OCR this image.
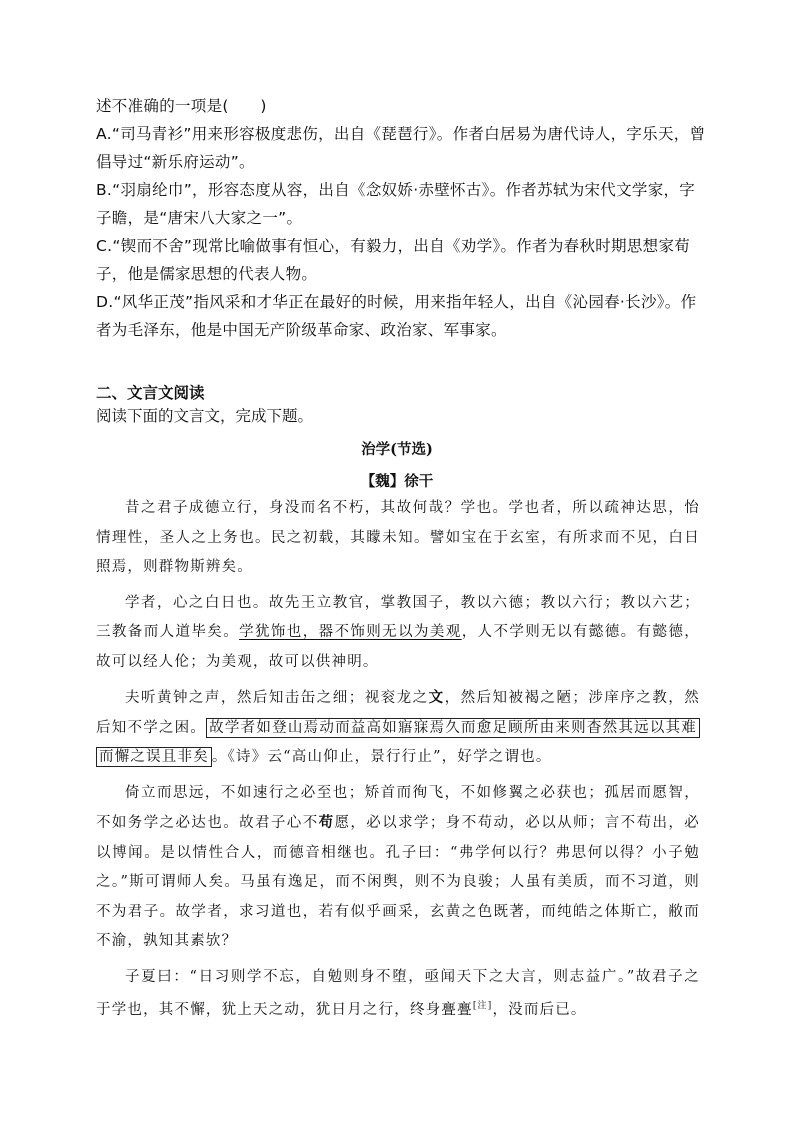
述不准确的一项是(　　)
A.“司马青衫”用来形容极度悲伤，出自《琵琶行》。作者白居易为唐代诗人，字乐天，曾倡导过“新乐府运动”。
B.“羽扇纶巾”，形容态度从容，出自《念奴娇·赤壁怀古》。作者苏轼为宋代文学家，字子瞻，是“唐宋八大家之一”。
C.“锲而不舍”现常比喻做事有恒心，有毅力，出自《劝学》。作者为春秋时期思想家荀子，他是儒家思想的代表人物。
D.“风华正茂”指风采和才华正在最好的时候，用来指年轻人，出自《沁园春·长沙》。作者为毛泽东，他是中国无产阶级革命家、政治家、军事家。
二、文言文阅读
阅读下面的文言文，完成下题。
治学(节选)
【魏】徐干

昔之君子成德立行，身没而名不朽，其故何哉？学也。学也者，所以疏神达思，怡情理性，圣人之上务也。民之初载，其矇未知。譬如宝在于玄室，有所求而不见，白日照焉，则群物斯辨矣。

学者，心之白日也。故先王立教官，掌教国子，教以六德；教以六行；教以六艺；三教备而人道毕矣。学犹饰也，器不饰则无以为美观，人不学则无以有懿德。有懿德，故可以经人伦；为美观，故可以供神明。

夫听黄钟之声，然后知击缶之细；视衮龙之文，然后知被褐之陋；涉庠序之教，然后知不学之困。 故学者如登山焉动而益高如寤寐焉久而愈足顾所由来则杳然其远以其难而懈之误且非矣 。《诗》云“高山仰止，景行行止”，好学之谓也。

倚立而思远，不如速行之必至也；矫首而徇飞，不如修翼之必获也；孤居而愿智，不如务学之必达也。故君子心不苟愿，必以求学；身不苟动，必以从师；言不苟出，必以博闻。是以情性合人，而德音相继也。孔子曰：“弗学何以行？弗思何以得？小子勉之。”斯可谓师人矣。马虽有逸足，而不闲舆，则不为良骏；人虽有美质，而不习道，则不为君子。故学者，求习道也，若有似乎画采，玄黄之色既著，而纯皓之体斯亡，敝而不渝，孰知其素欤？

子夏曰：“日习则学不忘，自勉则身不堕，亟闻天下之大言，则志益广。”故君子之于学也，其不懈，犹上天之动，犹日月之行，终身亹亹[注]，没而后已。
